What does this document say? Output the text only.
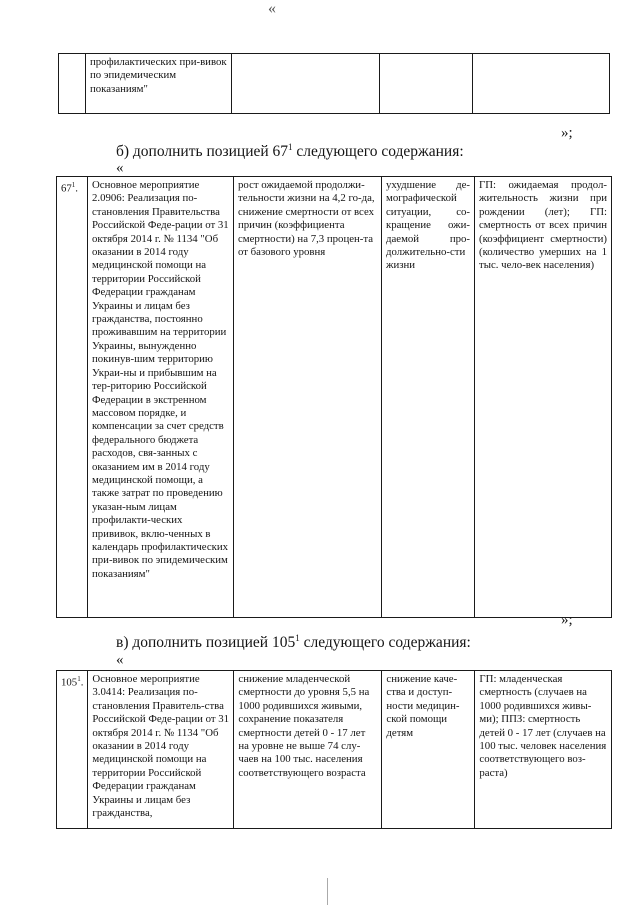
«
	профилактических при-вивок по эпидемическим показаниям"			
»;
б) дополнить позицией $67^1$ следующего содержания:
«
$67^1$.	Основное мероприятие 2.0906: Реализация по-становления Правительства Российской Феде-рации от 31 октября 2014 г. № 1134 "Об оказании в 2014 году медицинской помощи на территории Российской Федерации гражданам Украины и лицам без гражданства, постоянно проживавшим на территории Украины, вынужденно покинув-шим территорию Украи-ны и прибывшим на тер-риторию Российской Федерации в экстренном массовом порядке, и компенсации за счет средств федерального бюджета расходов, свя-занных с оказанием им в 2014 году медицинской помощи, а также затрат по проведению указан-ным лицам профилакти-ческих прививок, вклю-ченных в календарь профилактических при-вивок по эпидемическим показаниям"	рост ожидаемой продолжи-тельности жизни на 4,2 го-да, снижение смертности от всех причин (коэффициента смертности) на 7,3 процен-та от базового уровня	ухудшение де-мографической ситуации, со-кращение ожи-даемой про-должительно-сти жизни	ГП: ожидаемая продол-жительность жизни при рождении (лет); ГП: смертность от всех причин (коэффициент смертности) (количество умерших на 1 тыс. чело-век населения)
»;
в) дополнить позицией $105^1$ следующего содержания:
«
$105^1$.	Основное мероприятие 3.0414: Реализация по-становления Правитель-ства Российской Феде-рации от 31 октября 2014 г. № 1134 "Об оказании в 2014 году медицинской помощи на территории Российской Федерации гражданам Украины и лицам без гражданства,	снижение младенческой смертности до уровня 5,5 на 1000 родившихся живыми, сохранение показателя смертности детей 0 - 17 лет на уровне не выше 74 слу-чаев на 100 тыс. населения соответствующего возраста	снижение каче-ства и доступ-ности медицин-ской помощи детям	ГП: младенческая смертность (случаев на 1000 родившихся живы-ми); ППЗ: смертность детей 0 - 17 лет (случаев на 100 тыс. человек населения соответствующего воз-раста)
